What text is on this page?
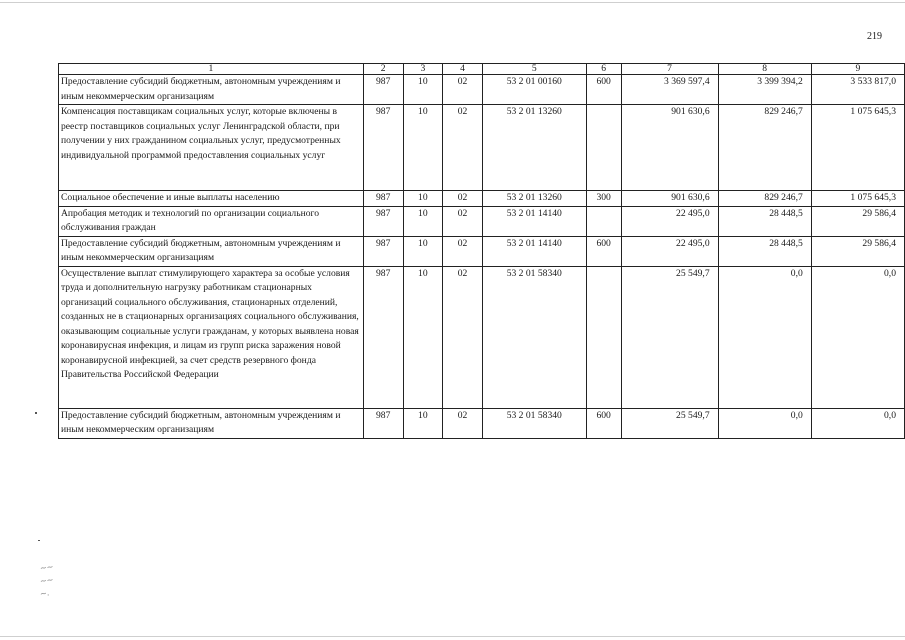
219
1	2	3	4	5	6	7	8	9
Предоставление субсидий бюджетным, автономным учреждениям и иным некоммерческим организациям	987	10	02	53 2 01 00160	600	3 369 597,4	3 399 394,2	3 533 817,0
Компенсация поставщикам социальных услуг, которые включены в реестр поставщиков социальных услуг Ленинградской области, при получении у них гражданином социальных услуг, предусмотренных индивидуальной программой предоставления социальных услуг	987	10	02	53 2 01 13260		901 630,6	829 246,7	1 075 645,3
Социальное обеспечение и иные выплаты населению	987	10	02	53 2 01 13260	300	901 630,6	829 246,7	1 075 645,3
Апробация методик и технологий по организации социального обслуживания граждан	987	10	02	53 2 01 14140		22 495,0	28 448,5	29 586,4
Предоставление субсидий бюджетным, автономным учреждениям и иным некоммерческим организациям	987	10	02	53 2 01 14140	600	22 495,0	28 448,5	29 586,4
Осуществление выплат стимулирующего характера за особые условия труда и дополнительную нагрузку работникам стационарных организаций социального обслуживания, стационарных отделений, созданных не в стационарных организациях социального обслуживания, оказывающим социальные услуги гражданам, у которых выявлена новая коронавирусная инфекция, и лицам из групп риска заражения новой коронавирусной инфекцией, за счет средств резервного фонда Правительства Российской Федерации	987	10	02	53 2 01 58340		25 549,7	0,0	0,0
Предоставление субсидий бюджетным, автономным учреждениям и иным некоммерческим организациям	987	10	02	53 2 01 58340	600	25 549,7	0,0	0,0
~~
~~
~.
